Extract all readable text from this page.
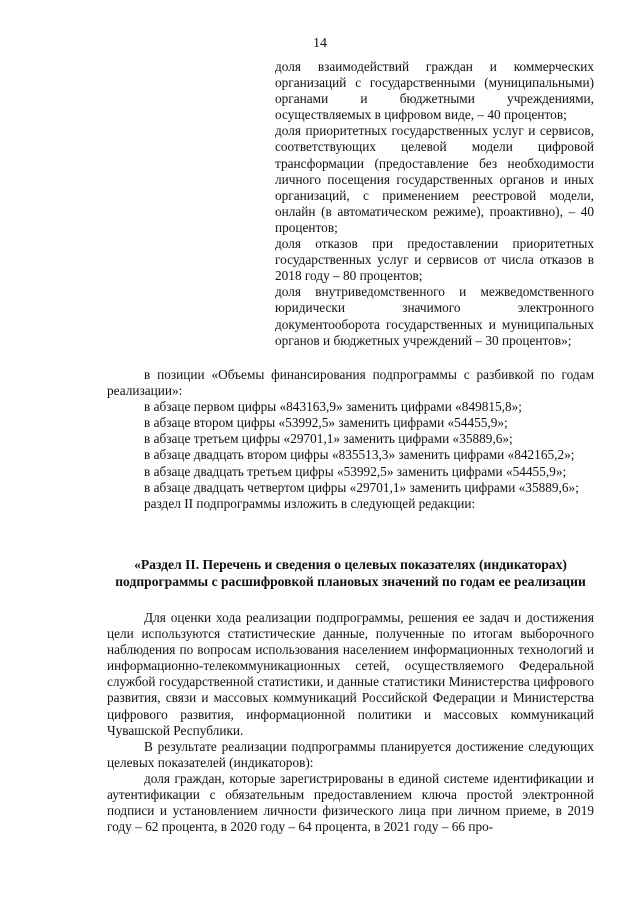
14

доля взаимодействий граждан и коммерческих организаций с государственными (муниципальными) органами и бюджетными учреждениями, осуществляемых в цифровом виде, – 40 процентов;

доля приоритетных государственных услуг и сервисов, соответствующих целевой модели цифровой трансформации (предоставление без необходимости личного посещения государственных органов и иных организаций, с применением реестровой модели, онлайн (в автоматическом режиме), проактивно), – 40 процентов;

доля отказов при предоставлении приоритетных государственных услуг и сервисов от числа отказов в 2018 году – 80 процентов;

доля внутриведомственного и межведомственного юридически значимого электронного документооборота государственных и муниципальных органов и бюджетных учреждений – 30 процентов»;

в позиции «Объемы финансирования подпрограммы с разбивкой по годам реализации»:

в абзаце первом цифры «843163,9» заменить цифрами «849815,8»;

в абзаце втором цифры «53992,5» заменить цифрами «54455,9»;

в абзаце третьем цифры «29701,1» заменить цифрами «35889,6»;

в абзаце двадцать втором цифры «835513,3» заменить цифрами «842165,2»;

в абзаце двадцать третьем цифры «53992,5» заменить цифрами «54455,9»;

в абзаце двадцать четвертом цифры «29701,1» заменить цифрами «35889,6»;

раздел II подпрограммы изложить в следующей редакции:

«Раздел II. Перечень и сведения о целевых показателях (индикаторах)
подпрограммы с расшифровкой плановых значений по годам ее реализации

Для оценки хода реализации подпрограммы, решения ее задач и достижения цели используются статистические данные, полученные по итогам выборочного наблюдения по вопросам использования населением информационных технологий и информационно-телекоммуникационных сетей, осуществляемого Федеральной службой государственной статистики, и данные статистики Министерства цифрового развития, связи и массовых коммуникаций Российской Федерации и Министерства цифрового развития, информационной политики и массовых коммуникаций Чувашской Республики.

В результате реализации подпрограммы планируется достижение следующих целевых показателей (индикаторов):

доля граждан, которые зарегистрированы в единой системе идентификации и аутентификации с обязательным предоставлением ключа простой электронной подписи и установлением личности физического лица при личном приеме, в 2019 году – 62 процента, в 2020 году – 64 процента, в 2021 году – 66 про-
